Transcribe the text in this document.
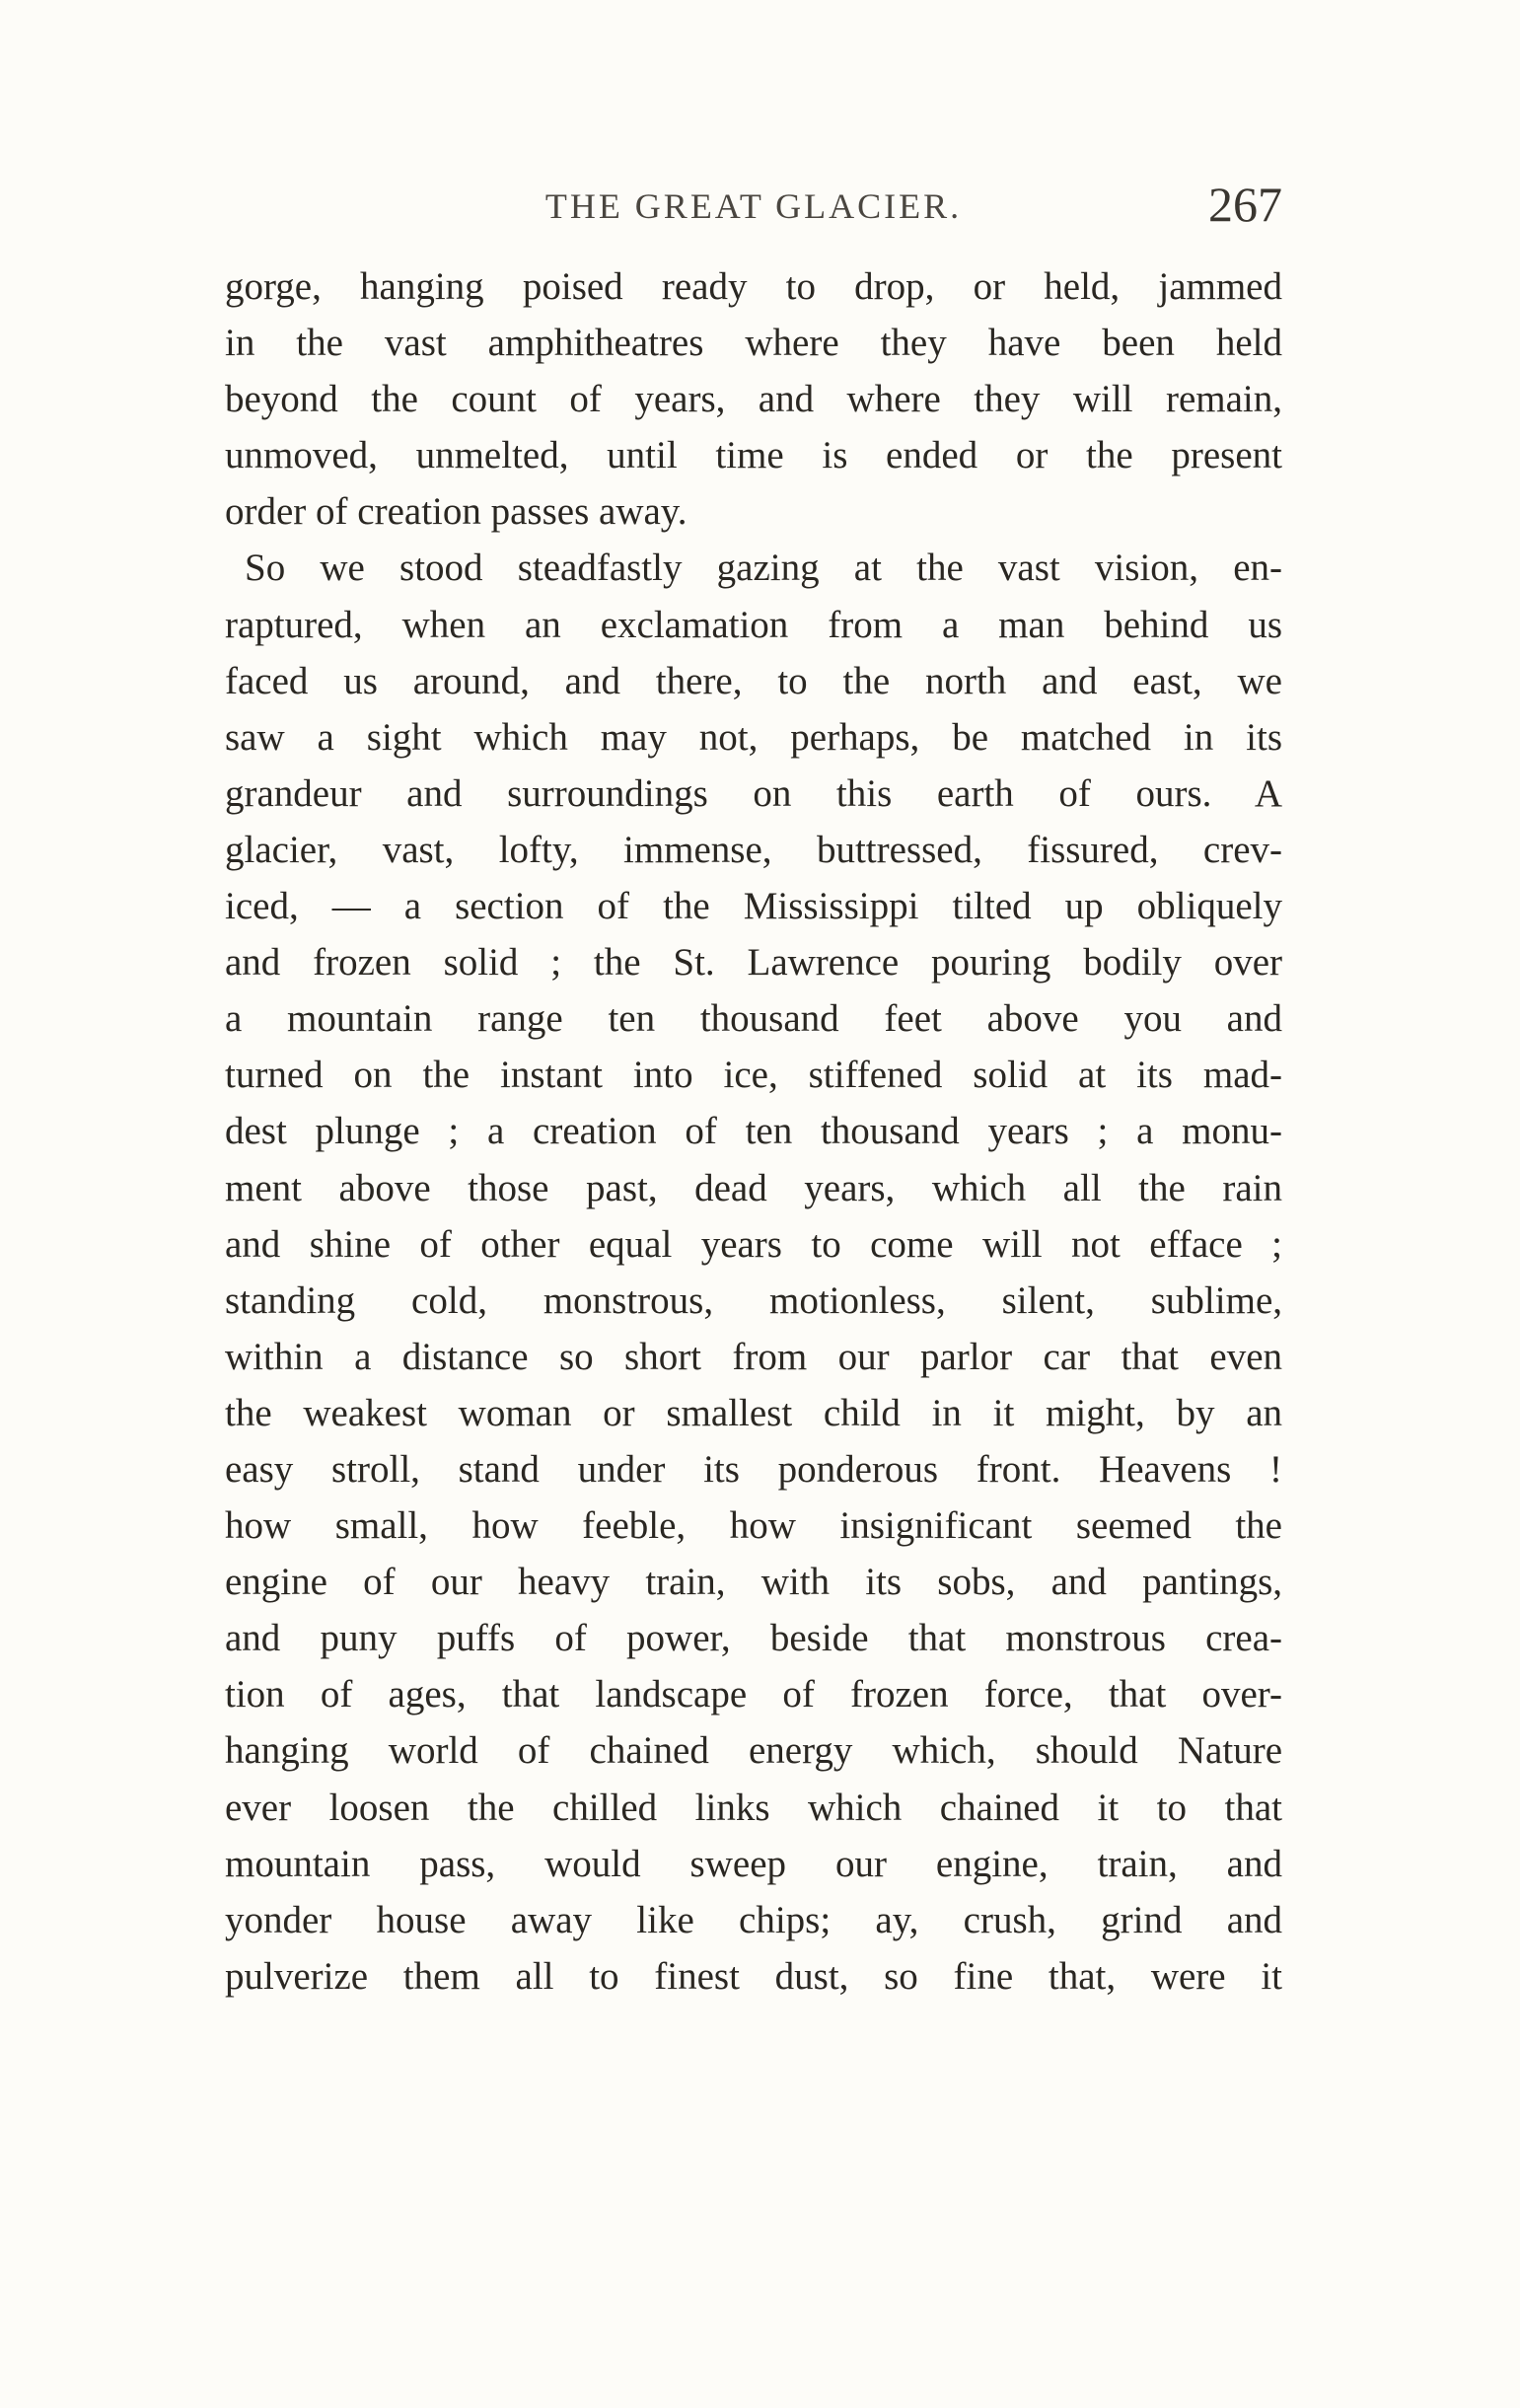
THE GREAT GLACIER.	267
gorge, hanging poised ready to drop, or held, jammed
in the vast amphitheatres where they have been held
beyond the count of years, and where they will remain,
unmoved, unmelted, until time is ended or the present
order of creation passes away.
So we stood steadfastly gazing at the vast vision, en-
raptured, when an exclamation from a man behind us
faced us around, and there, to the north and east, we
saw a sight which may not, perhaps, be matched in its
grandeur and surroundings on this earth of ours. A
glacier, vast, lofty, immense, buttressed, fissured, crev-
iced, — a section of the Mississippi tilted up obliquely
and frozen solid ; the St. Lawrence pouring bodily over
a mountain range ten thousand feet above you and
turned on the instant into ice, stiffened solid at its mad-
dest plunge ; a creation of ten thousand years ; a monu-
ment above those past, dead years, which all the rain
and shine of other equal years to come will not efface ;
standing cold, monstrous, motionless, silent, sublime,
within a distance so short from our parlor car that even
the weakest woman or smallest child in it might, by an
easy stroll, stand under its ponderous front. Heavens !
how small, how feeble, how insignificant seemed the
engine of our heavy train, with its sobs, and pantings,
and puny puffs of power, beside that monstrous crea-
tion of ages, that landscape of frozen force, that over-
hanging world of chained energy which, should Nature
ever loosen the chilled links which chained it to that
mountain pass, would sweep our engine, train, and
yonder house away like chips; ay, crush, grind and
pulverize them all to finest dust, so fine that, were it
